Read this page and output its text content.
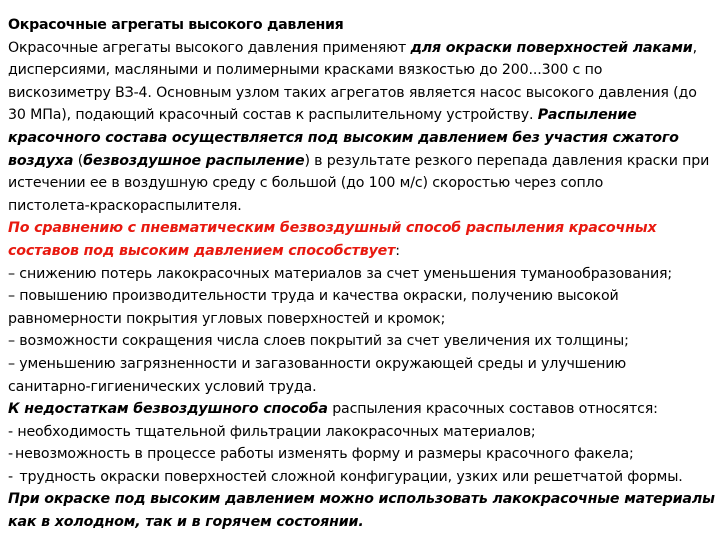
Окрасочные агрегаты высокого давления
Окрасочные агрегаты высокого давления применяют для окраски поверхностей лаками,
дисперсиями, масляными и полимерными красками вязкостью до 200...300 с по
вискозиметру ВЗ-4. Основным узлом таких агрегатов является насос высокого давления (до
30 МПа), подающий красочный состав к распылительному устройству. Распыление
красочного состава осуществляется под высоким давлением без участия сжатого
воздуха (безвоздушное распыление) в результате резкого перепада давления краски при
истечении ее в воздушную среду с большой (до 100 м/с) скоростью через сопло
пистолета-краскораспылителя.
По сравнению с пневматическим безвоздушный способ распыления красочных
составов под высоким давлением способствует:
– снижению потерь лакокрасочных материалов за счет уменьшения туманообразования;
– повышению производительности труда и качества окраски, получению высокой
равномерности покрытия угловых поверхностей и кромок;
– возможности сокращения числа слоев покрытий за счет увеличения их толщины;
– уменьшению загрязненности и загазованности окружающей среды и улучшению
санитарно-гигиенических условий труда.
К недостаткам безвоздушного способа распыления красочных составов относятся:
- необходимость тщательной фильтрации лакокрасочных материалов;
- невозможность в процессе работы изменять форму и размеры красочного факела;
- трудность окраски поверхностей сложной конфигурации, узких или решетчатой формы.
При окраске под высоким давлением можно использовать лакокрасочные материалы
как в холодном, так и в горячем состоянии.
